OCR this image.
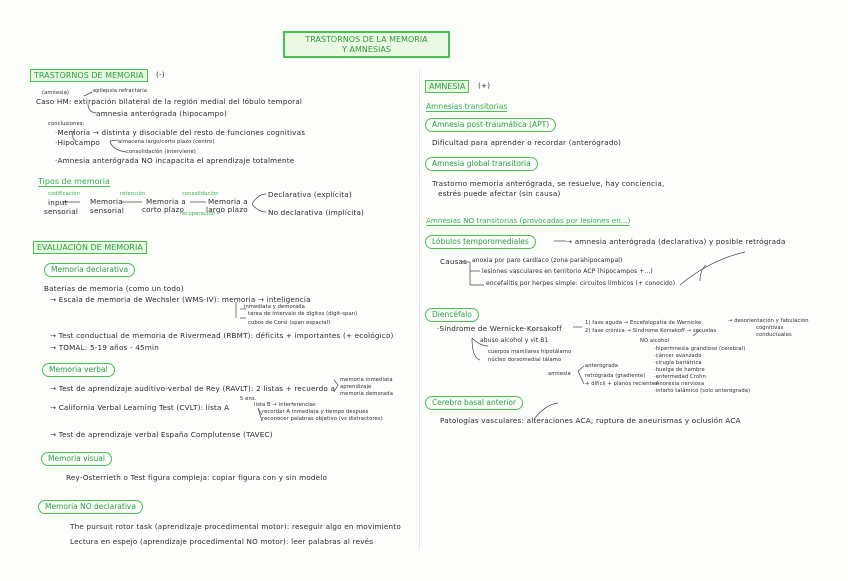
TRASTORNOS DE LA MEMORIA
Y AMNESIAS
TRASTORNOS DE MEMORIA	(-)
(amnesia)	epilepsia refractaria
Caso HM: extirpación bilateral de la región medial del lóbulo temporal
amnesia anterógrada (hipocampo)
conclusiones:
·Memoria → distinta y disociable del resto de funciones cognitivas
·Hipocampo	almacena largo/corto plazo (centro)
consolidación (interviene)
·Amnesia anterógrada NO incapacita el aprendizaje totalmente
Tipos de memoria
codificación	retención	consolidación
recuperación
input
sensorial
Memoria
sensorial
Memoria a
corto plazo
Memoria a
largo plazo
Declarativa (explícita)
No declarativa (implícita)
EVALUACIÓN DE MEMORIA
Memoria declarativa
Baterías de memoria (como un todo)
→ Escala de memoria de Wechsler (WMS-IV): memoria → inteligencia
inmediata y demorada
tarea de intervalo de dígitos (digit-span)
cubos de Corsi (span espacial)
→ Test conductual de memoria de Rivermead (RBMT): déficits + importantes (+ ecológico)
→ TOMAL: 5-19 años - 45min
Memoria verbal
→ Test de aprendizaje auditivo-verbal de Rey (RAVLT): 2 listas + recuerdo a
memoria inmediata
aprendizaje
memoria demorada
→ California Verbal Learning Test (CVLT): lista A
5 ens.
lista B → interferencias
recordar A inmediata y tiempo después
reconocer palabras objetivo (vs distractores)
→ Test de aprendizaje verbal España Complutense (TAVEC)
Memoria visual
Rey-Osterrieth o Test figura compleja: copiar figura con y sin modelo
Memoria NO declarativa
The pursuit rotor task (aprendizaje procedimental motor): reseguir algo en movimiento
Lectura en espejo (aprendizaje procedimental NO motor): leer palabras al revés
AMNESIA	(+)
Amnesias transitorias
Amnesia post-traumática (APT)
Dificultad para aprender o recordar (anterógrado)
Amnesia global transitoria
Trastorno memoria anterógrada, se resuelve, hay conciencia,
estrés puede afectar (sin causa)
Amnesias NO transitorias (provocadas por lesiones en...)
Lóbulos temporomediales	→ amnesia anterógrada (declarativa) y posible retrógrada
Causas anoxia por paro cardíaco (zona parahipocampal)
lesiones vasculares en territorio ACP (hipocampos +...)
encefalitis por herpes simple: circuitos límbicos (+ conocido)
Diencéfalo
·Síndrome de Wernicke-Korsakoff
1) fase aguda → Encefalopatía de Wernicke	→ desorientación y fabulación
2) fase crónica → Síndrome Korsakoff → secuelas	cognitivas
conductuales
abuso alcohol y vit B1
cuerpos mamilares hipotálamo
núcleo dorsomedial tálamo
amnesia
anterógrada
retrógrada (gradiente)
+ difícil + planos recientes
NO alcohol
·hipermnesia grandioso (cerebral)
·cáncer avanzado
·cirugía bariátrica
·huelga de hambre
·enfermedad Crohn
·Anorexia nerviosa
·infarto talámico (solo anterógrada)
Cerebro basal anterior
Patologías vasculares: alteraciones ACA; ruptura de aneurismas y oclusión ACA
